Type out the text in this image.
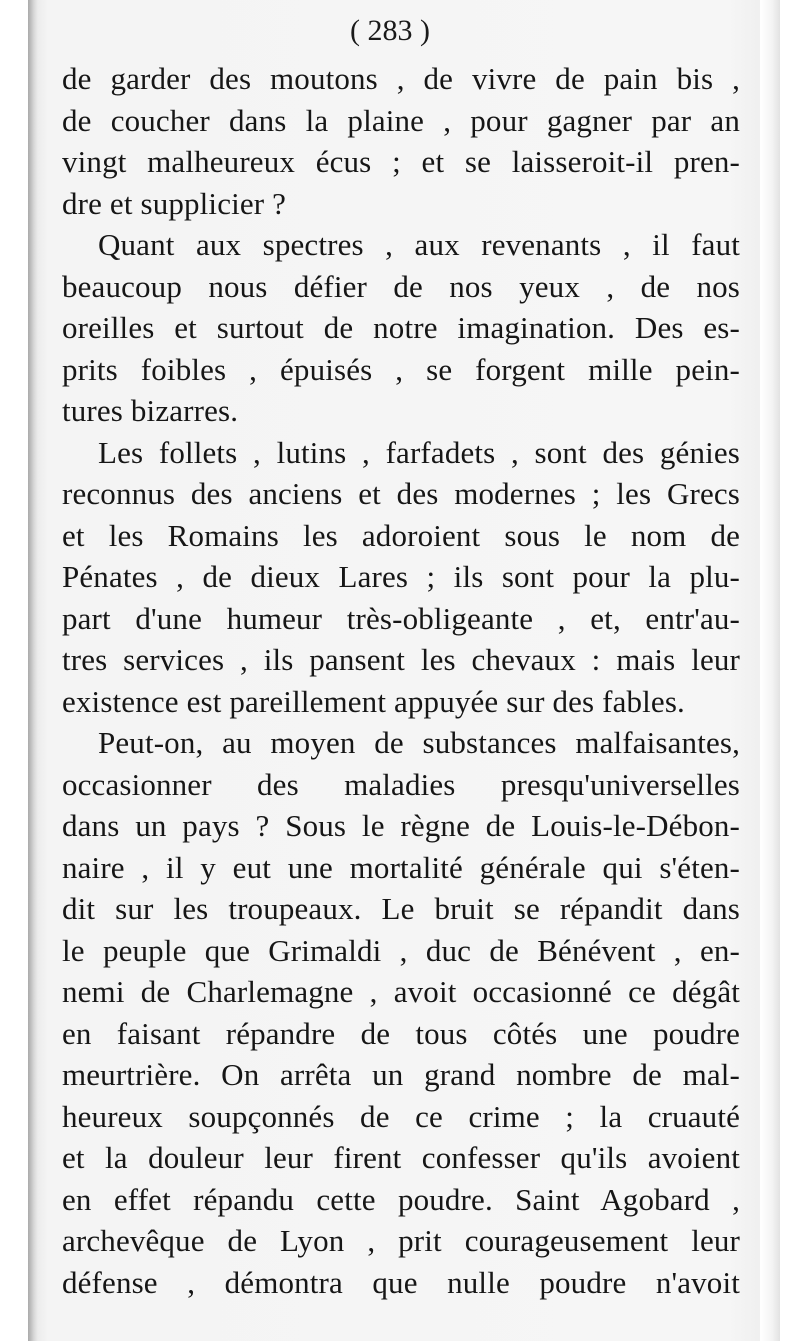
( 283 )
de garder des moutons , de vivre de pain bis ,
de coucher dans la plaine , pour gagner par an
vingt malheureux écus ; et se laisseroit-il pren-
dre et supplicier ?
Quant aux spectres , aux revenants , il faut
beaucoup nous défier de nos yeux , de nos
oreilles et surtout de notre imagination. Des es-
prits foibles , épuisés , se forgent mille pein-
tures bizarres.
Les follets , lutins , farfadets , sont des génies
reconnus des anciens et des modernes ; les Grecs
et les Romains les adoroient sous le nom de
Pénates , de dieux Lares ; ils sont pour la plu-
part d'une humeur très-obligeante , et, entr'au-
tres services , ils pansent les chevaux : mais leur
existence est pareillement appuyée sur des fables.
Peut-on, au moyen de substances malfaisantes,
occasionner des maladies presqu'universelles
dans un pays ? Sous le règne de Louis-le-Débon-
naire , il y eut une mortalité générale qui s'éten-
dit sur les troupeaux. Le bruit se répandit dans
le peuple que Grimaldi , duc de Bénévent , en-
nemi de Charlemagne , avoit occasionné ce dégât
en faisant répandre de tous côtés une poudre
meurtrière. On arrêta un grand nombre de mal-
heureux soupçonnés de ce crime ; la cruauté
et la douleur leur firent confesser qu'ils avoient
en effet répandu cette poudre. Saint Agobard ,
archevêque de Lyon , prit courageusement leur
défense , démontra que nulle poudre n'avoit
